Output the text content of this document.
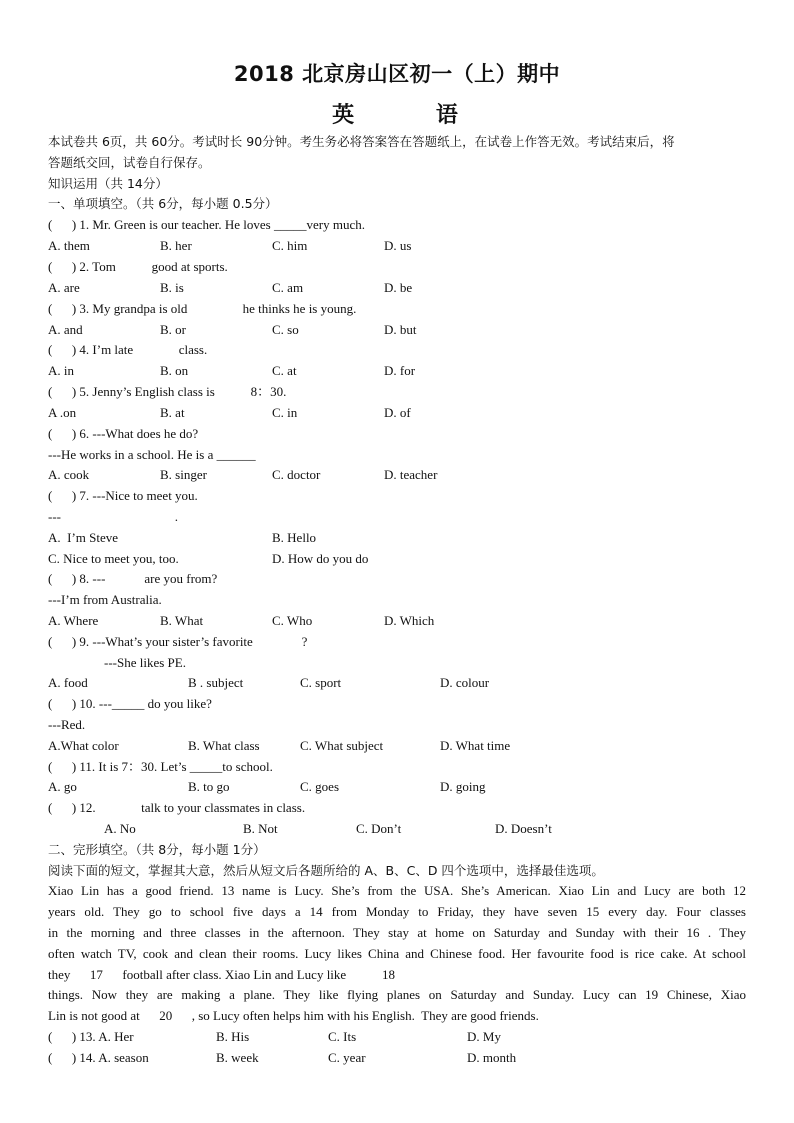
2018 北京房山区初一（上）期中
英 语
本试卷共 6页，共 60分。考试时长 90分钟。考生务必将答案答在答题纸上，在试卷上作答无效。考试结束后，将
答题纸交回，试卷自行保存。
知识运用（共 14分）
一、单项填空。（共 6分，每小题 0.5分）
(      ) 1. Mr. Green is our teacher. He loves _____very much.
A. them	B. her	C. him	D. us
(      ) 2. Tom           good at sports.
A. are	B. is	C. am	D. be
(      ) 3. My grandpa is old                 he thinks he is young.
A. and	B. or	C. so	D. but
(      ) 4. I’m late              class.
A. in	B. on	C. at	D. for
(      ) 5. Jenny’s English class is           8：30.
A .on	B. at	C. in	D. of
(      ) 6. ---What does he do?
---He works in a school. He is a ______
A. cook	B. singer	C. doctor	D. teacher
(      ) 7. ---Nice to meet you.
---                                   .
A.  I’m Steve	B. Hello
C. Nice to meet you, too.	D. How do you do
(      ) 8. ---            are you from?
---I’m from Australia.
A. Where	B. What	C. Who	D. Which
(      ) 9. ---What’s your sister’s favorite               ?
---She likes PE.
A. food	B . subject	C. sport	D. colour
(      ) 10. ---_____ do you like?
---Red.
A.What color	B. What class	C. What subject	D. What time
(      ) 11. It is 7：30. Let’s _____to school.
A. go	B. to go	C. goes	D. going
(      ) 12.              talk to your classmates in class.
A. No	B. Not	C. Don’t	D. Doesn’t
二、完形填空。（共 8分，每小题 1分）
阅读下面的短文，掌握其大意，然后从短文后各题所给的 A、B、C、D 四个选项中，选择最佳选项。
Xiao Lin has a good friend. 13 name is Lucy. She’s from the USA. She’s American. Xiao Lin and Lucy are both 12
years old. They go to school five days a 14 from Monday to Friday, they have seven 15 every day. Four classes
in the morning and three classes in the afternoon. They stay at home on Saturday and Sunday with their 16 . They
often watch TV, cook and clean their rooms. Lucy likes China and Chinese food. Her favourite food is rice cake. At school
they      17      football after class. Xiao Lin and Lucy like           18
things. Now they are making a plane. They like flying planes on Saturday and Sunday. Lucy can 19 Chinese, Xiao
Lin is not good at      20      , so Lucy often helps him with his English.  They are good friends.
(      ) 13. A. Her	B. His	C. Its	D. My
(      ) 14. A. season	B. week	C. year	D. month
